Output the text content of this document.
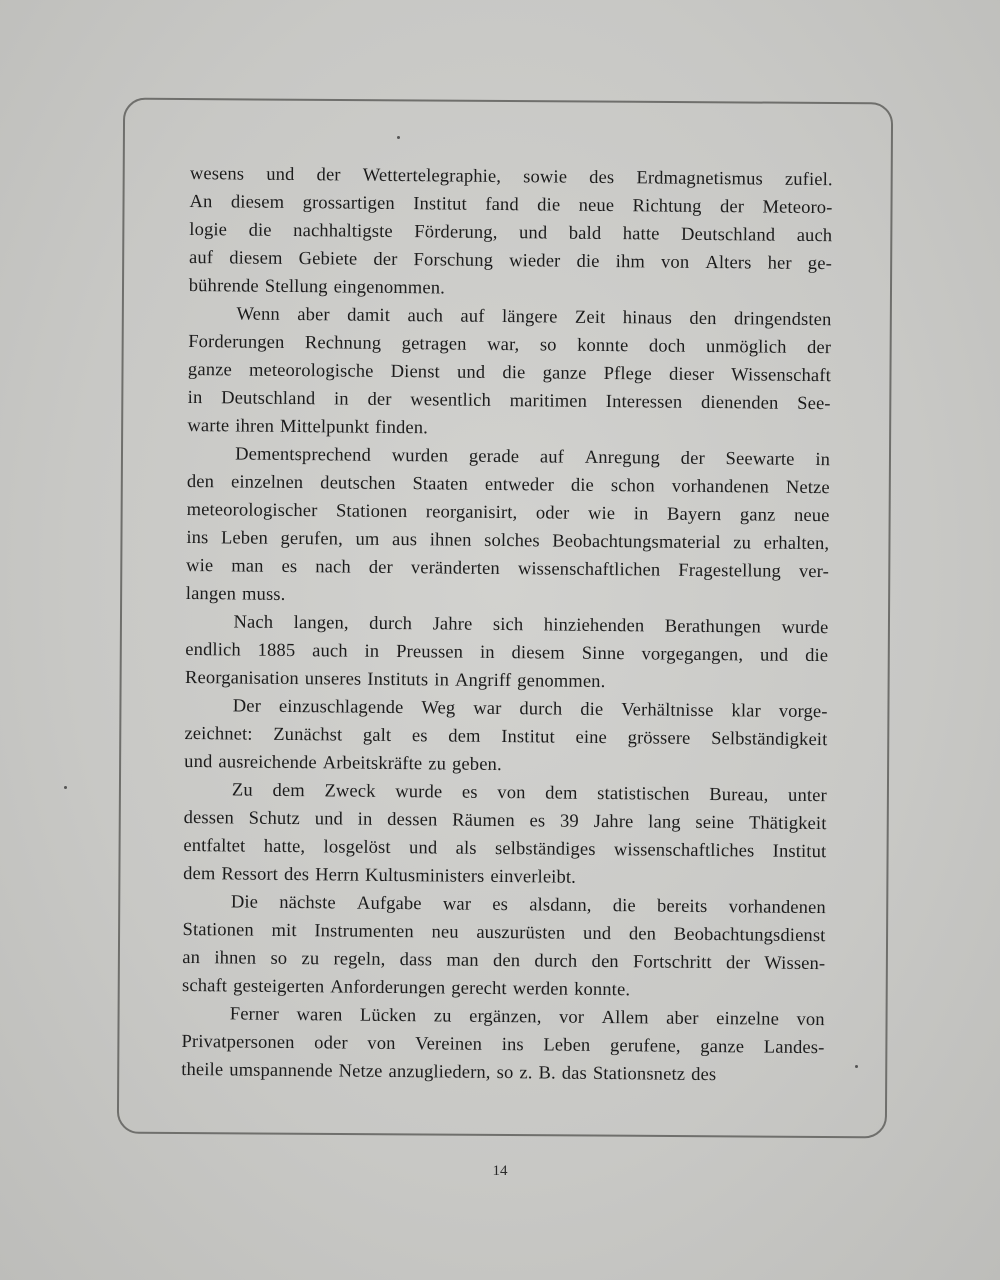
wesens und der Wettertelegraphie, sowie des Erdmagnetismus zufiel.
An diesem grossartigen Institut fand die neue Richtung der Meteoro-
logie die nachhaltigste Förderung, und bald hatte Deutschland auch
auf diesem Gebiete der Forschung wieder die ihm von Alters her ge-
bührende Stellung eingenommen.
Wenn aber damit auch auf längere Zeit hinaus den dringendsten
Forderungen Rechnung getragen war, so konnte doch unmöglich der
ganze meteorologische Dienst und die ganze Pflege dieser Wissenschaft
in Deutschland in der wesentlich maritimen Interessen dienenden See-
warte ihren Mittelpunkt finden.
Dementsprechend wurden gerade auf Anregung der Seewarte in
den einzelnen deutschen Staaten entweder die schon vorhandenen Netze
meteorologischer Stationen reorganisirt, oder wie in Bayern ganz neue
ins Leben gerufen, um aus ihnen solches Beobachtungsmaterial zu erhalten,
wie man es nach der veränderten wissenschaftlichen Fragestellung ver-
langen muss.
Nach langen, durch Jahre sich hinziehenden Berathungen wurde
endlich 1885 auch in Preussen in diesem Sinne vorgegangen, und die
Reorganisation unseres Instituts in Angriff genommen.
Der einzuschlagende Weg war durch die Verhältnisse klar vorge-
zeichnet: Zunächst galt es dem Institut eine grössere Selbständigkeit
und ausreichende Arbeitskräfte zu geben.
Zu dem Zweck wurde es von dem statistischen Bureau, unter
dessen Schutz und in dessen Räumen es 39 Jahre lang seine Thätigkeit
entfaltet hatte, losgelöst und als selbständiges wissenschaftliches Institut
dem Ressort des Herrn Kultusministers einverleibt.
Die nächste Aufgabe war es alsdann, die bereits vorhandenen
Stationen mit Instrumenten neu auszurüsten und den Beobachtungsdienst
an ihnen so zu regeln, dass man den durch den Fortschritt der Wissen-
schaft gesteigerten Anforderungen gerecht werden konnte.
Ferner waren Lücken zu ergänzen, vor Allem aber einzelne von
Privatpersonen oder von Vereinen ins Leben gerufene, ganze Landes-
theile umspannende Netze anzugliedern, so z. B. das Stationsnetz des
14
